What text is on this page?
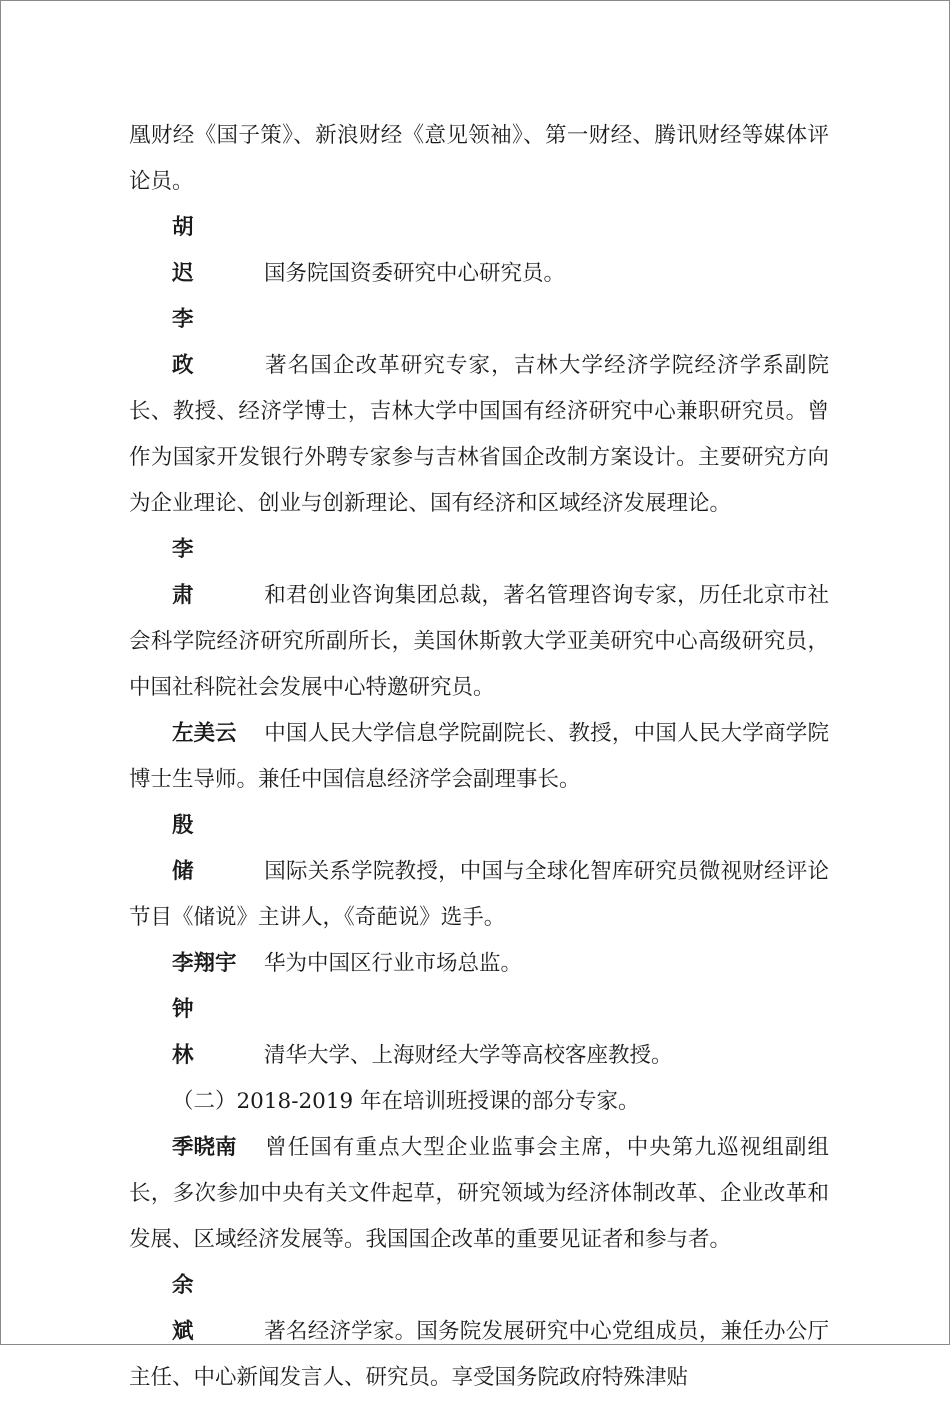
凰财经《国子策》、新浪财经《意见领袖》、第一财经、腾讯财经等媒体评论员。

胡 迟 国务院国资委研究中心研究员。

李 政 著名国企改革研究专家，吉林大学经济学院经济学系副院长、教授、经济学博士，吉林大学中国国有经济研究中心兼职研究员。曾作为国家开发银行外聘专家参与吉林省国企改制方案设计。主要研究方向为企业理论、创业与创新理论、国有经济和区域经济发展理论。

李 肃 和君创业咨询集团总裁，著名管理咨询专家，历任北京市社会科学院经济研究所副所长，美国休斯敦大学亚美研究中心高级研究员，中国社科院社会发展中心特邀研究员。

左美云 中国人民大学信息学院副院长、教授，中国人民大学商学院博士生导师。兼任中国信息经济学会副理事长。

殷 储 国际关系学院教授，中国与全球化智库研究员微视财经评论节目《储说》主讲人，《奇葩说》选手。

李翔宇 华为中国区行业市场总监。

钟 林 清华大学、上海财经大学等高校客座教授。

（二）2018-2019 年在培训班授课的部分专家。

季晓南 曾任国有重点大型企业监事会主席，中央第九巡视组副组长，多次参加中央有关文件起草，研究领域为经济体制改革、企业改革和发展、区域经济发展等。我国国企改革的重要见证者和参与者。

余 斌 著名经济学家。国务院发展研究中心党组成员，兼任办公厅主任、中心新闻发言人、研究员。享受国务院政府特殊津贴
